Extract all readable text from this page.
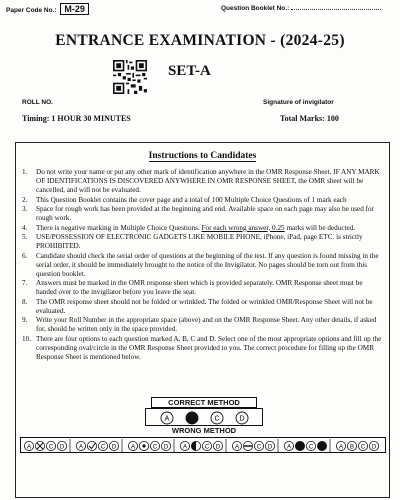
Paper Code No.: M-29	Question Booklet No.:
ENTRANCE EXAMINATION - (2024-25)
SET-A
ROLL NO.	Signature of invigilator
Timing: 1 HOUR 30 MINUTES	Total Marks: 100
Instructions to Candidates
1. Do not write your name or put any other mark of identification anywhere in the OMR Response Sheet. IF ANY MARK OF IDENTIFICATIONS IS DISCOVERED ANYWHERE IN OMR RESPONSE SHEET, the OMR sheet will be cancelled, and will not be evaluated.
2. This Question Booklet contains the cover page and a total of 100 Multiple Choice Questions of 1 mark each
3. Space for rough work has been provided at the beginning and end. Available space on each page may also be used for rough work.
4. There is negative marking in Multiple Choice Questions. For each wrong answer, 0.25 marks will be deducted.
5. USE/POSSESSION OF ELECTRONIC GADGETS LIKE MOBILE PHONE, iPhone, iPad, page ETC. is strictly PROHIBITED.
6. Candidate should check the serial order of questions at the beginning of the test. If any question is found missing in the serial order, it should be immediately brought to the notice of the Invigilator. No pages should be torn out from this question booklet.
7. Answers must be marked in the OMR response sheet which is provided separately. OMR Response sheet must be handed over to the invigilator before you leave the seat.
8. The OMR response sheet should not be folded or wrinkled. The folded or wrinkled OMR/Response Sheet will not be evaluated.
9. Write your Roll Number in the appropriate space (above) and on the OMR Response Sheet. Any other details, if asked for, should be written only in the space provided.
10. There are four options to each question marked A, B, C and D. Select one of the most appropriate options and fill up the corresponding oval/circle in the OMR Response Sheet provided to you. The correct procedure for filling up the OMR Response Sheet is mentioned below.
CORRECT METHOD
A	C	D
WRONG METHOD
A	C D A	C D A	C D A	C D A	C D A	C	A B C D
